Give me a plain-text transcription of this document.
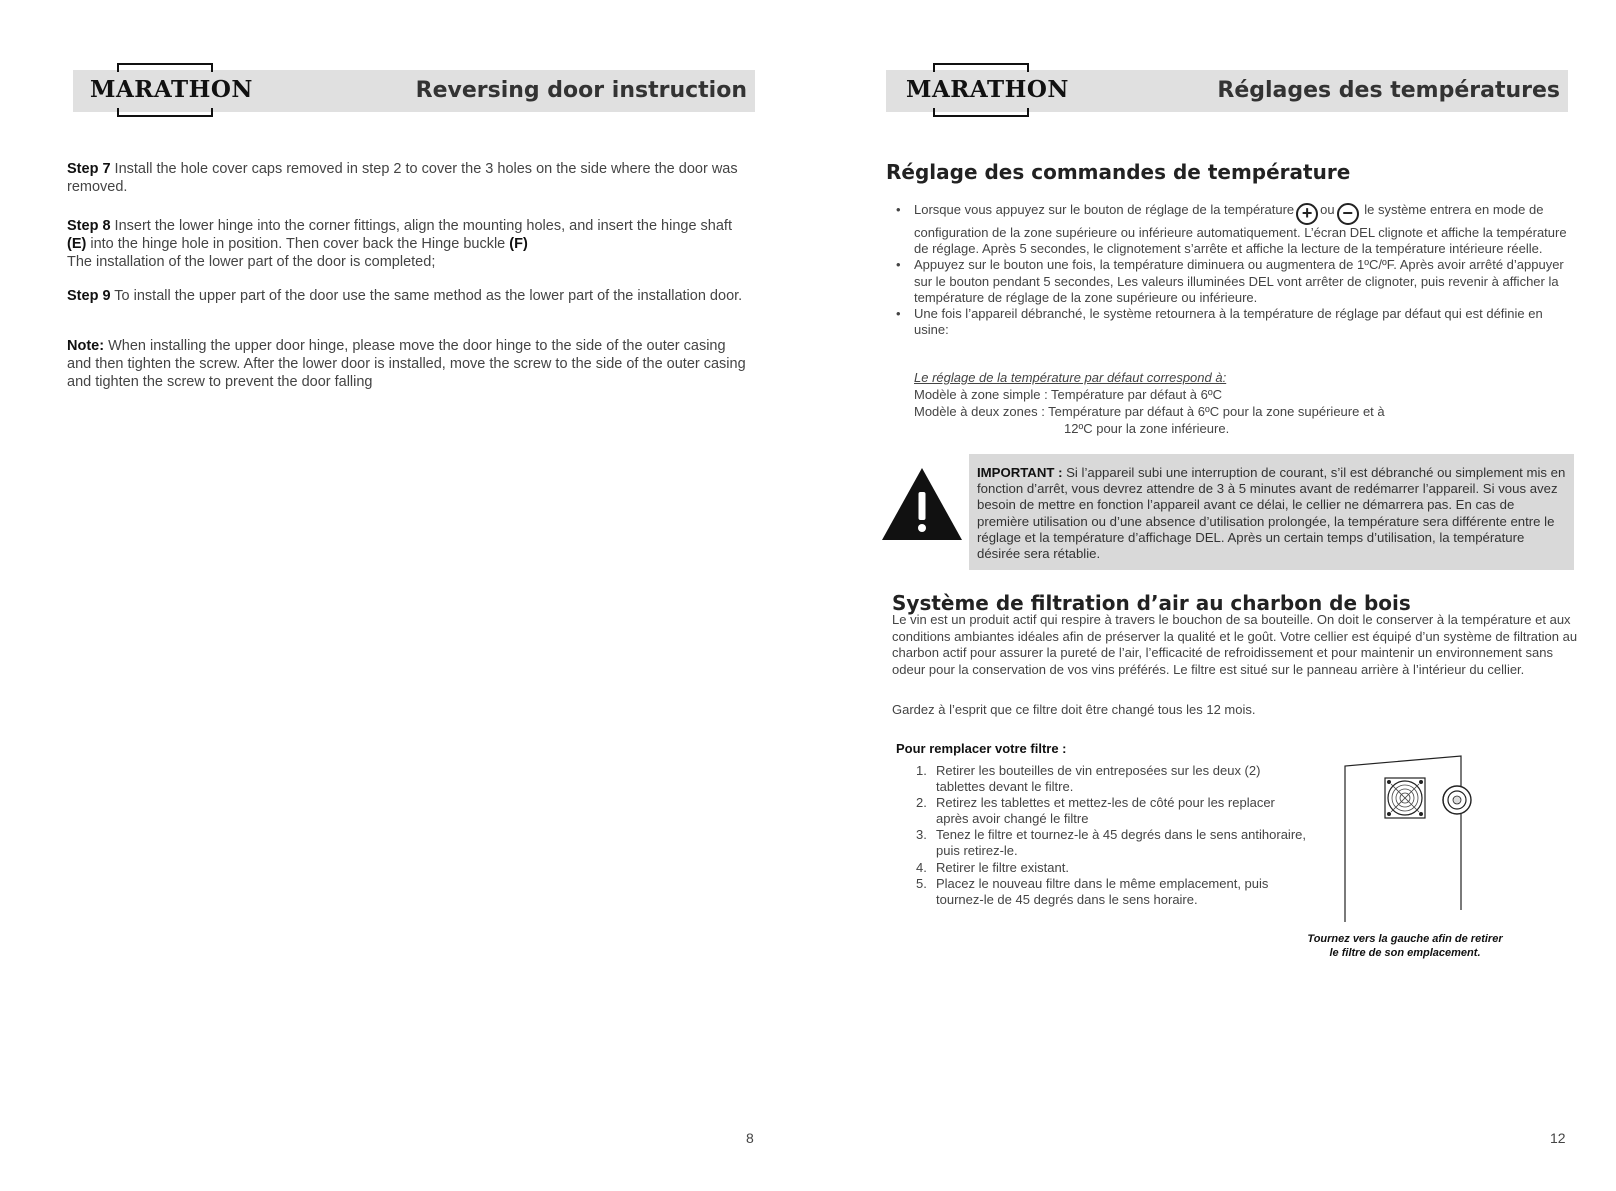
Reversing door instruction
MARATHON

Step 7 Install the hole cover caps removed in step 2 to cover the 3 holes on the side where the door was removed.

Step 8 Insert the lower hinge into the corner fittings, align the mounting holes, and insert the hinge shaft (E) into the hinge hole in position. Then cover back the Hinge buckle (F)
The installation of the lower part of the door is completed;

Step 9 To install the upper part of the door use the same method as the lower part of the installation door.

Note: When installing the upper door hinge, please move the door hinge to the side of the outer casing and then tighten the screw. After the lower door is installed, move the screw to the side of the outer casing and tighten the screw to prevent the door falling

8
Réglages des températures
MARATHON
Réglage des commandes de température
• Lorsque vous appuyez sur le bouton de réglage de la température + ou − le système entrera en mode de configuration de la zone supérieure ou inférieure automatiquement. L’écran DEL clignote et affiche la température de réglage. Après 5 secondes, le clignotement s’arrête et affiche la lecture de la température intérieure réelle.
• Appuyez sur le bouton une fois, la température diminuera ou augmentera de 1ºC/ºF. Après avoir arrêté d’appuyer sur le bouton pendant 5 secondes, Les valeurs illuminées DEL vont arrêter de clignoter, puis revenir à afficher la température de réglage de la zone supérieure ou inférieure.
• Une fois l’appareil débranché, le système retournera à la température de réglage par défaut qui est définie en usine:
Le réglage de la température par défaut correspond à:
Modèle à zone simple : Température par défaut à 6ºC
Modèle à deux zones : Température par défaut à 6ºC pour la zone supérieure et à
12ºC pour la zone inférieure.
IMPORTANT : Si l’appareil subi une interruption de courant, s’il est débranché ou simplement mis en fonction d’arrêt, vous devrez attendre de 3 à 5 minutes avant de redémarrer l’appareil. Si vous avez besoin de mettre en fonction l’appareil avant ce délai, le cellier ne démarrera pas. En cas de première utilisation ou d’une absence d’utilisation prolongée, la température sera différente entre le réglage et la température d’affichage DEL. Après un certain temps d’utilisation, la température désirée sera rétablie.
Système de filtration d’air au charbon de bois

Le vin est un produit actif qui respire à travers le bouchon de sa bouteille. On doit le conserver à la température et aux conditions ambiantes idéales afin de préserver la qualité et le goût. Votre cellier est équipé d’un système de filtration au charbon actif pour assurer la pureté de l’air, l’efficacité de refroidissement et pour maintenir un environnement sans odeur pour la conservation de vos vins préférés. Le filtre est situé sur le panneau arrière à l’intérieur du cellier.

Gardez à l’esprit que ce filtre doit être changé tous les 12 mois.

Pour remplacer votre filtre :
1. Retirer les bouteilles de vin entreposées sur les deux (2) tablettes devant le filtre.
2. Retirez les tablettes et mettez-les de côté pour les replacer après avoir changé le filtre
3. Tenez le filtre et tournez-le à 45 degrés dans le sens antihoraire, puis retirez-le.
4. Retirer le filtre existant.
5. Placez le nouveau filtre dans le même emplacement, puis tournez-le de 45 degrés dans le sens horaire.
Tournez vers la gauche afin de retirer
le filtre de son emplacement.
12
